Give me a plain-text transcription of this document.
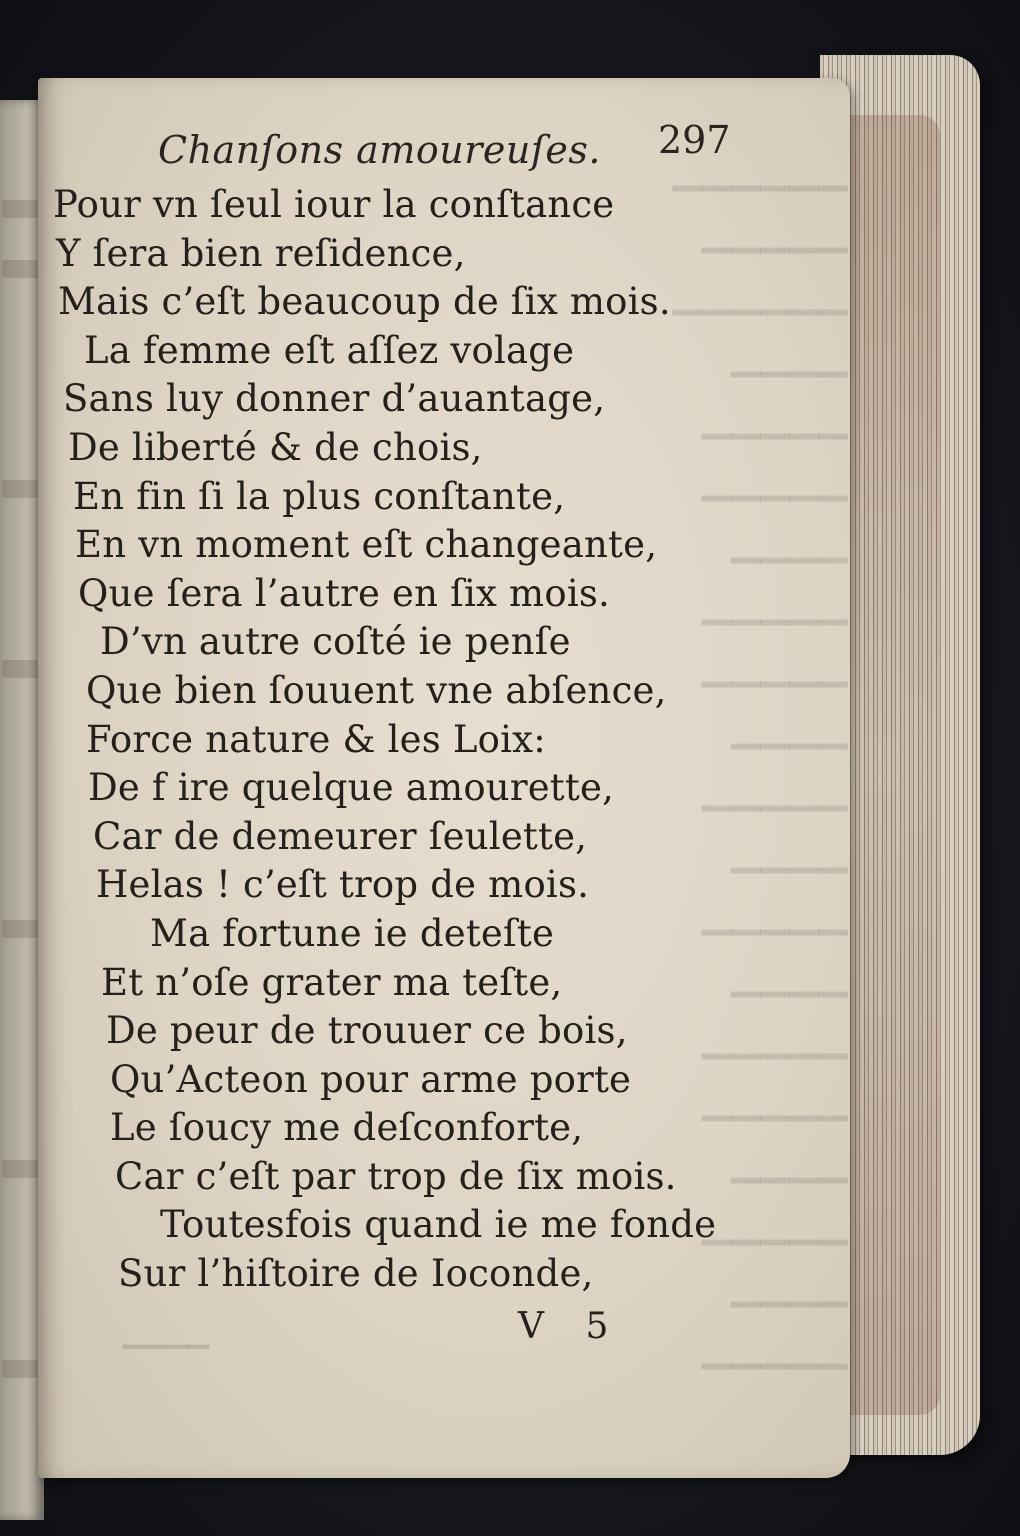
▁▁▁▁▁▁
▁▁▁▁▁
▁▁▁▁▁▁
▁▁▁▁
▁▁▁▁▁
▁▁▁▁▁
▁▁▁▁
▁▁▁▁▁
▁▁▁▁▁
▁▁▁▁
▁▁▁▁▁
▁▁▁▁
▁▁▁▁▁
▁▁▁▁
▁▁▁▁▁
▁▁▁▁▁
▁▁▁▁
▁▁▁▁▁
▁▁▁▁
▁▁▁▁▁
Chanſons amoureuſes. 297
Pour vn ſeul iour la conſtance
Y ſera bien reſidence,
Mais c’eſt beaucoup de ſix mois.
La femme eſt aſſez volage
Sans luy donner d’auantage,
De liberté & de chois,
En fin ſi la plus conſtante,
En vn moment eſt changeante,
Que ſera l’autre en ſix mois.
D’vn autre coſté ie penſe
Que bien ſouuent vne abſence,
Force nature & les Loix:
De f ire quelque amourette,
Car de demeurer ſeulette,
Helas ! c’eſt trop de mois.
Ma fortune ie deteſte
Et n’oſe grater ma teſte,
De peur de trouuer ce bois,
Qu’Acteon pour arme porte
Le ſoucy me deſconforte,
Car c’eſt par trop de ſix mois.
Toutesfois quand ie me fonde
Sur l’hiſtoire de Ioconde,
▁▁▁▁	V 5
